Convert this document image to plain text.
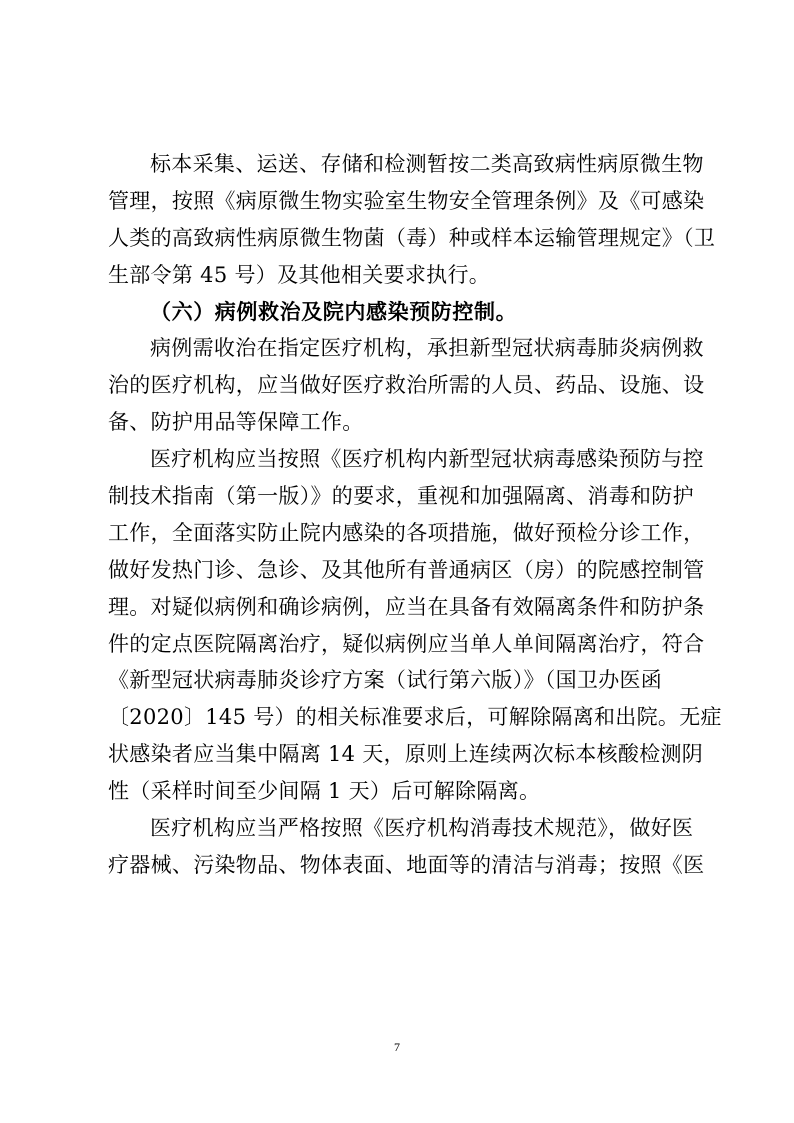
标本采集、运送、存储和检测暂按二类高致病性病原微生物
管理，按照《病原微生物实验室生物安全管理条例》及《可感染
人类的高致病性病原微生物菌（毒）种或样本运输管理规定》（卫
生部令第 45 号）及其他相关要求执行。
（六）病例救治及院内感染预防控制。
病例需收治在指定医疗机构，承担新型冠状病毒肺炎病例救
治的医疗机构，应当做好医疗救治所需的人员、药品、设施、设
备、防护用品等保障工作。
医疗机构应当按照《医疗机构内新型冠状病毒感染预防与控
制技术指南（第一版）》的要求，重视和加强隔离、消毒和防护
工作，全面落实防止院内感染的各项措施，做好预检分诊工作，
做好发热门诊、急诊、及其他所有普通病区（房）的院感控制管
理。对疑似病例和确诊病例，应当在具备有效隔离条件和防护条
件的定点医院隔离治疗，疑似病例应当单人单间隔离治疗，符合
《新型冠状病毒肺炎诊疗方案（试行第六版）》（国卫办医函
〔2020〕145 号）的相关标准要求后，可解除隔离和出院。无症
状感染者应当集中隔离 14 天，原则上连续两次标本核酸检测阴
性（采样时间至少间隔 1 天）后可解除隔离。
医疗机构应当严格按照《医疗机构消毒技术规范》，做好医
疗器械、污染物品、物体表面、地面等的清洁与消毒；按照《医
7
